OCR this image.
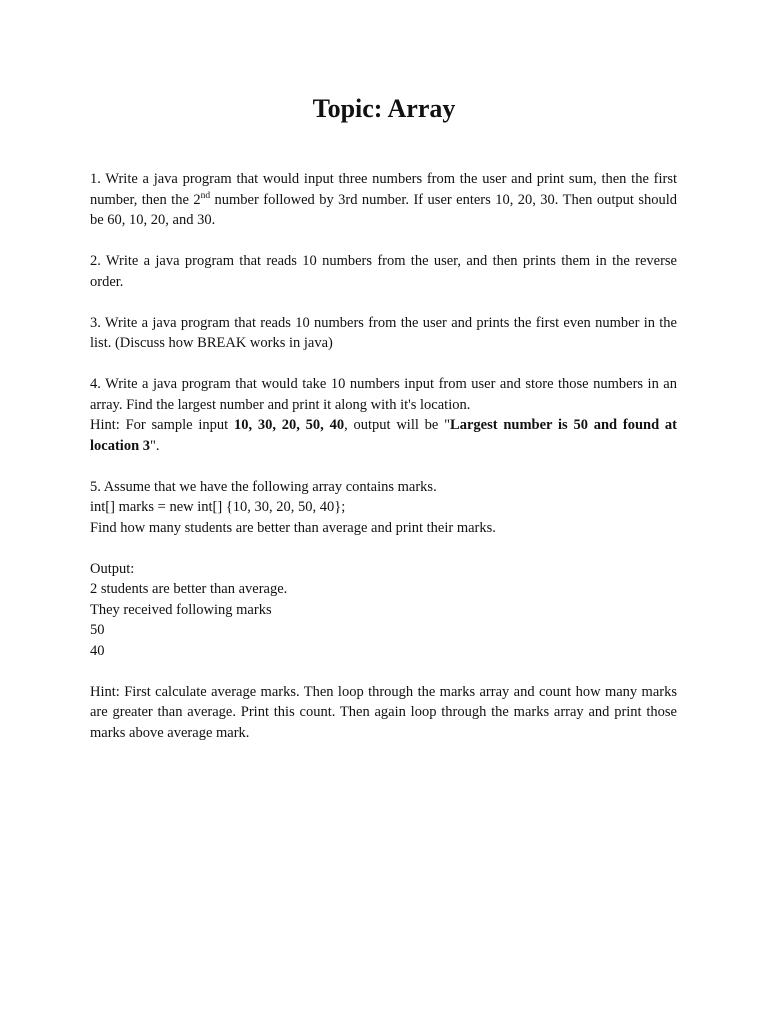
Topic: Array

1. Write a java program that would input three numbers from the user and print sum, then the first number, then the 2nd number followed by 3rd number. If user enters 10, 20, 30. Then output should be 60, 10, 20, and 30.

2. Write a java program that reads 10 numbers from the user, and then prints them in the reverse order.

3. Write a java program that reads 10 numbers from the user and prints the first even number in the list. (Discuss how BREAK works in java)

4. Write a java program that would take 10 numbers input from user and store those numbers in an array. Find the largest number and print it along with it's location.
Hint: For sample input 10, 30, 20, 50, 40, output will be "Largest number is 50 and found at location 3".

5. Assume that we have the following array contains marks.
int[] marks = new int[] {10, 30, 20, 50, 40};
Find how many students are better than average and print their marks.

Output:
2 students are better than average.
They received following marks
50
40

Hint: First calculate average marks. Then loop through the marks array and count how many marks are greater than average. Print this count. Then again loop through the marks array and print those marks above average mark.
